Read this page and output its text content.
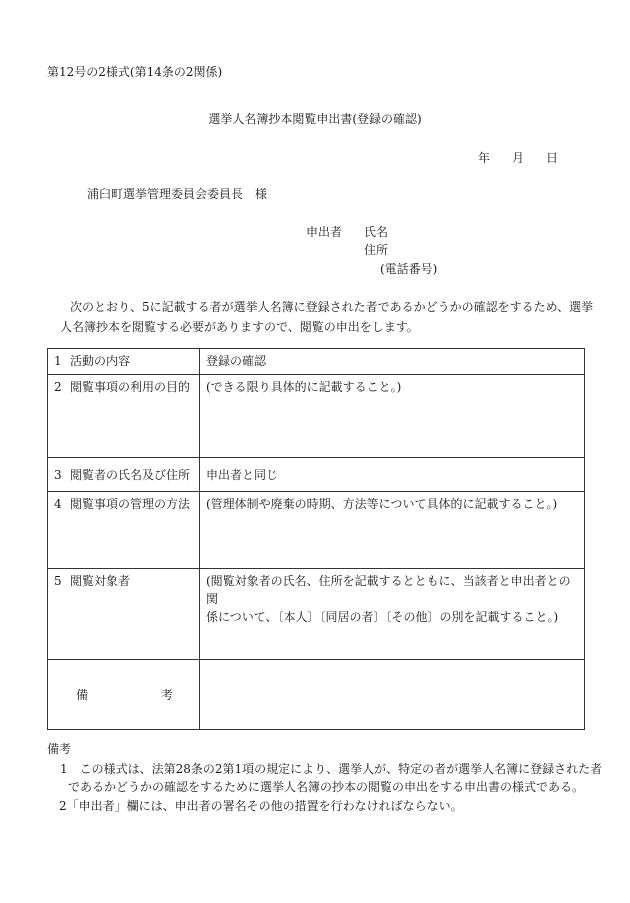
第12号の2様式(第14条の2関係)
選挙人名簿抄本閲覧申出書(登録の確認)
年 月 日
浦臼町選挙管理委員会委員長　様
申出者 氏名
住所
(電話番号)
次のとおり、5に記載する者が選挙人名簿に登録された者であるかどうかの確認をするため、選挙
人名簿抄本を閲覧する必要がありますので、閲覧の申出をします。
1 活動の内容	登録の確認
2 閲覧事項の利用の目的	(できる限り具体的に記載すること。)
3 閲覧者の氏名及び住所	申出者と同じ
4 閲覧事項の管理の方法	(管理体制や廃棄の時期、方法等について具体的に記載すること。)
5 閲覧対象者	(閲覧対象者の氏名、住所を記載するとともに、当該者と申出者との関
係について、〔本人〕〔同居の者〕〔その他〕の別を記載すること。)

備 考	

備考
1　この様式は、法第28条の2第1項の規定により、選挙人が、特定の者が選挙人名簿に登録された者
であるかどうかの確認をするために選挙人名簿の抄本の閲覧の申出をする申出書の様式である。
2「申出者」欄には、申出者の署名その他の措置を行わなければならない。
